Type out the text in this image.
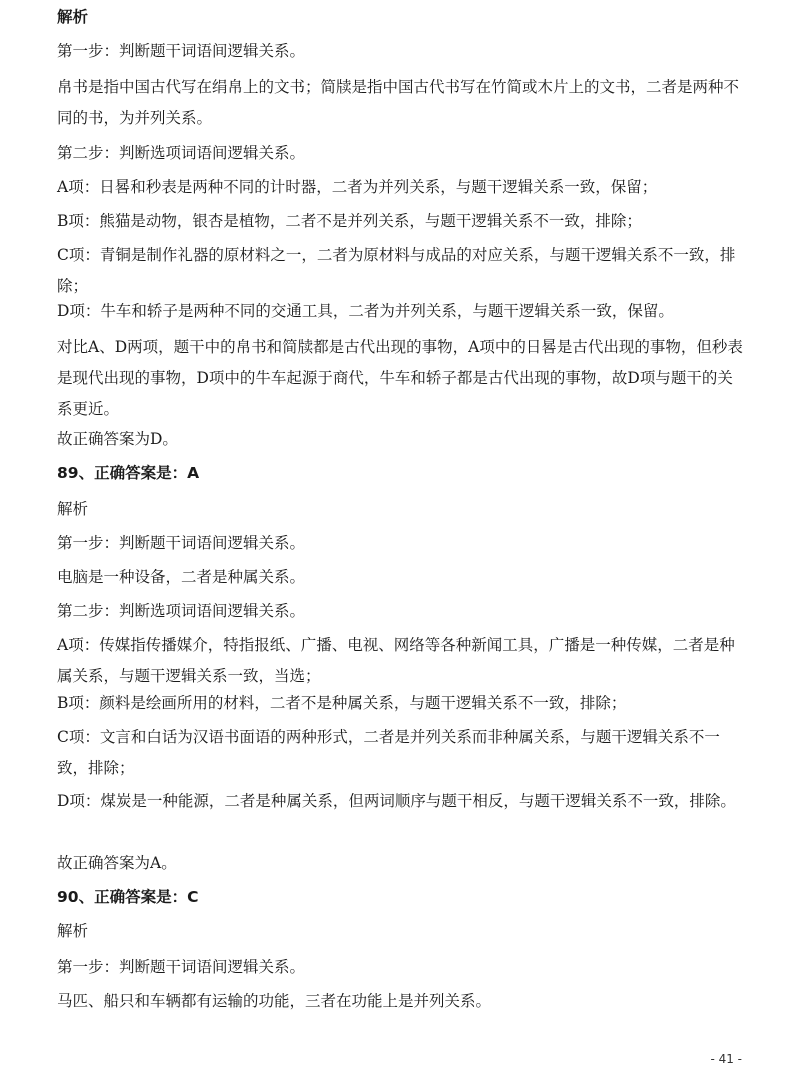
解析

第一步：判断题干词语间逻辑关系。

帛书是指中国古代写在绢帛上的文书；简牍是指中国古代书写在竹简或木片上的文书，二者是两种不同的书，为并列关系。

第二步：判断选项词语间逻辑关系。

A项：日晷和秒表是两种不同的计时器，二者为并列关系，与题干逻辑关系一致，保留；

B项：熊猫是动物，银杏是植物，二者不是并列关系，与题干逻辑关系不一致，排除；

C项：青铜是制作礼器的原材料之一，二者为原材料与成品的对应关系，与题干逻辑关系不一致，排除；

D项：牛车和轿子是两种不同的交通工具，二者为并列关系，与题干逻辑关系一致，保留。

对比A、D两项，题干中的帛书和简牍都是古代出现的事物，A项中的日晷是古代出现的事物，但秒表是现代出现的事物，D项中的牛车起源于商代，牛车和轿子都是古代出现的事物，故D项与题干的关系更近。

故正确答案为D。

89、正确答案是：A

解析

第一步：判断题干词语间逻辑关系。

电脑是一种设备，二者是种属关系。

第二步：判断选项词语间逻辑关系。

A项：传媒指传播媒介，特指报纸、广播、电视、网络等各种新闻工具，广播是一种传媒，二者是种属关系，与题干逻辑关系一致，当选；

B项：颜料是绘画所用的材料，二者不是种属关系，与题干逻辑关系不一致，排除；

C项：文言和白话为汉语书面语的两种形式，二者是并列关系而非种属关系，与题干逻辑关系不一致，排除；

D项：煤炭是一种能源，二者是种属关系，但两词顺序与题干相反，与题干逻辑关系不一致，排除。

故正确答案为A。

90、正确答案是：C

解析

第一步：判断题干词语间逻辑关系。

马匹、船只和车辆都有运输的功能，三者在功能上是并列关系。

- 41 -
